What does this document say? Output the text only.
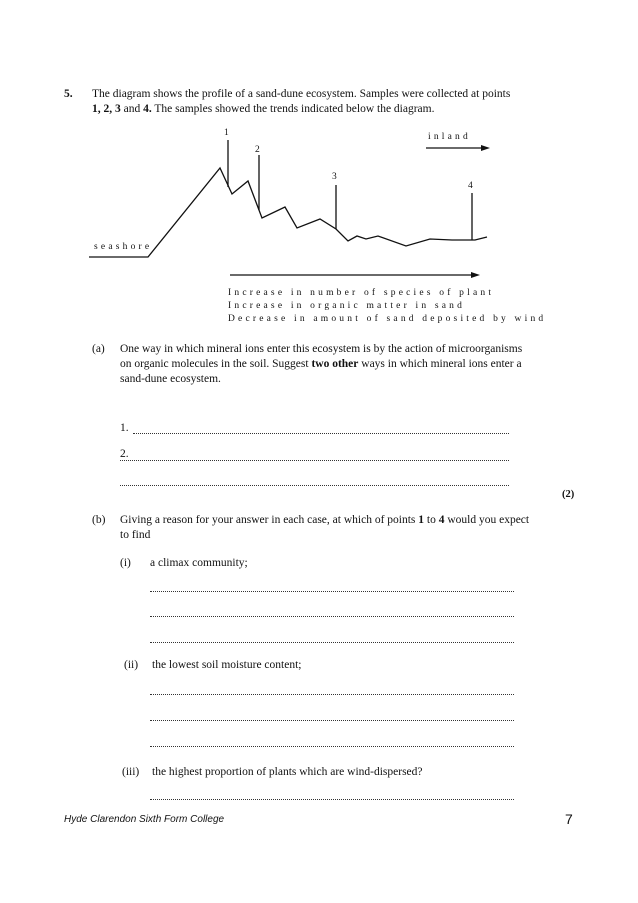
5. The diagram shows the profile of a sand-dune ecosystem. Samples were collected at points
1, 2, 3 and 4. The samples showed the trends indicated below the diagram.
1
2
3
4
inland
seashore
Increase in number of species of plant
Increase in organic matter in sand
Decrease in amount of sand deposited by wind
(a) One way in which mineral ions enter this ecosystem is by the action of microorganisms
on organic molecules in the soil. Suggest two other ways in which mineral ions enter a
sand-dune ecosystem.
1.
2.
(2)
(b) Giving a reason for your answer in each case, at which of points 1 to 4 would you expect
to find
(i) a climax community;
(ii) the lowest soil moisture content;
(iii) the highest proportion of plants which are wind-dispersed?
Hyde Clarendon Sixth Form College	7
